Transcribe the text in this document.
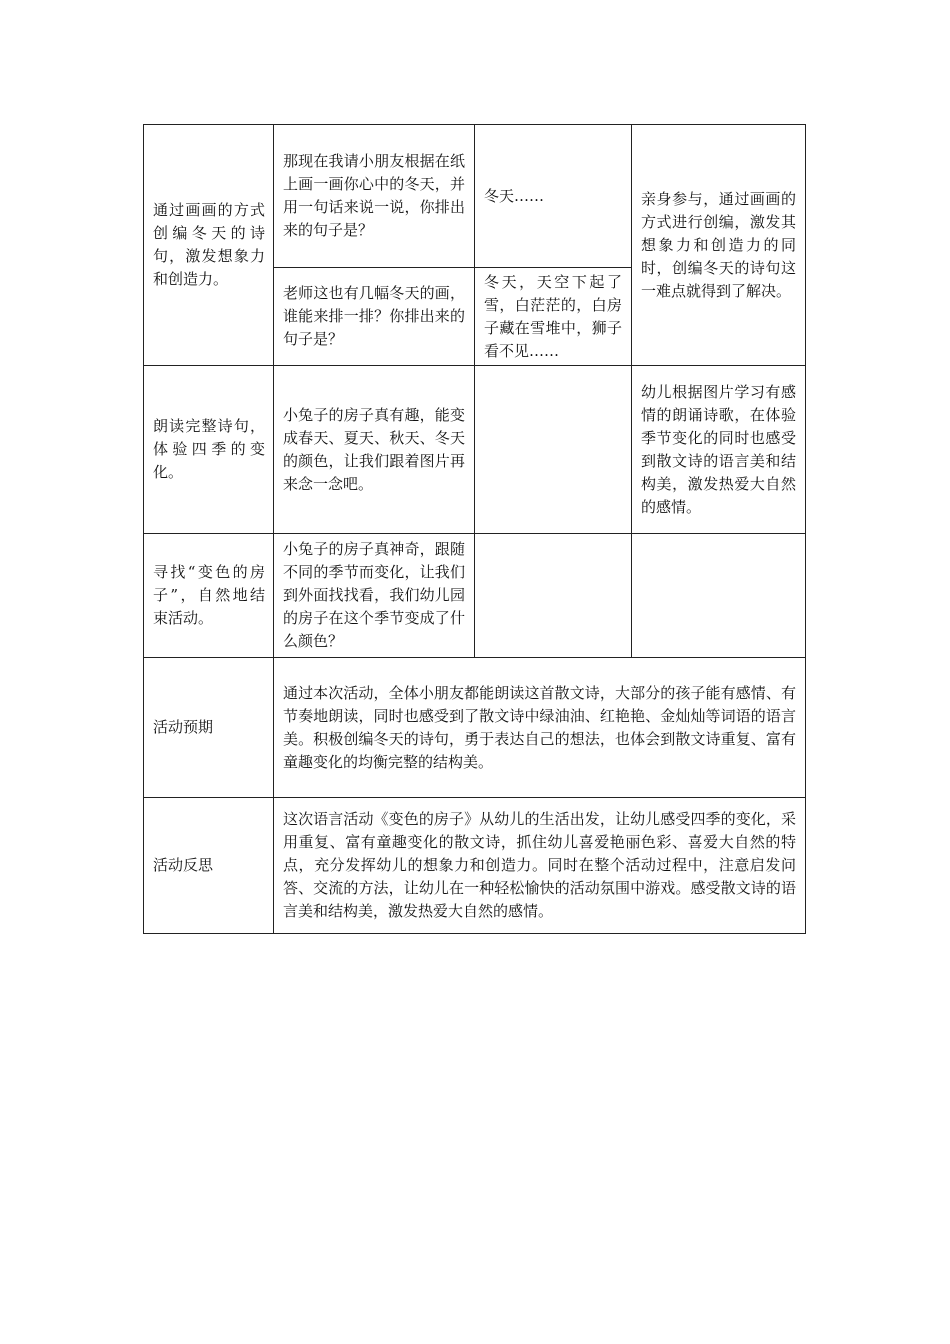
通过画画的方式创编冬天的诗句，激发想象力和创造力。	那现在我请小朋友根据在纸上画一画你心中的冬天，并用一句话来说一说，你排出来的句子是？	冬天……	亲身参与，通过画画的方式进行创编，激发其想象力和创造力的同时，创编冬天的诗句这一难点就得到了解决。
	老师这也有几幅冬天的画，谁能来排一排？你排出来的句子是？	冬天，天空下起了雪，白茫茫的，白房子藏在雪堆中，狮子看不见……	
朗读完整诗句，体验四季的变化。	小兔子的房子真有趣，能变成春天、夏天、秋天、冬天的颜色，让我们跟着图片再来念一念吧。		幼儿根据图片学习有感情的朗诵诗歌，在体验季节变化的同时也感受到散文诗的语言美和结构美，激发热爱大自然的感情。
寻找“变色的房子”，自然地结束活动。	小兔子的房子真神奇，跟随不同的季节而变化，让我们到外面找找看，我们幼儿园的房子在这个季节变成了什么颜色？		
活动预期	通过本次活动，全体小朋友都能朗读这首散文诗，大部分的孩子能有感情、有节奏地朗读，同时也感受到了散文诗中绿油油、红艳艳、金灿灿等词语的语言美。积极创编冬天的诗句，勇于表达自己的想法，也体会到散文诗重复、富有童趣变化的均衡完整的结构美。		
活动反思	这次语言活动《变色的房子》从幼儿的生活出发，让幼儿感受四季的变化，采用重复、富有童趣变化的散文诗，抓住幼儿喜爱艳丽色彩、喜爱大自然的特点，充分发挥幼儿的想象力和创造力。同时在整个活动过程中，注意启发问答、交流的方法，让幼儿在一种轻松愉快的活动氛围中游戏。感受散文诗的语言美和结构美，激发热爱大自然的感情。		
